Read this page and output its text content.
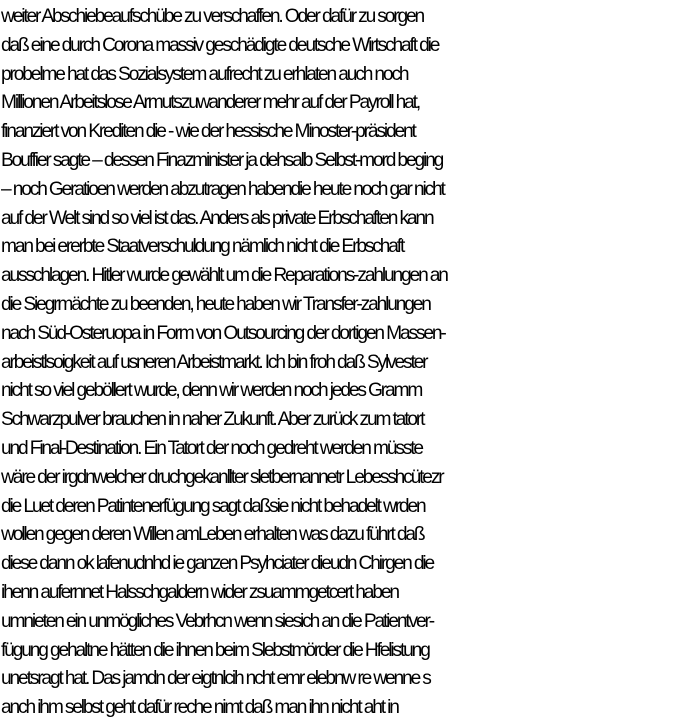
weiter Abschiebeaufschübe zu verschaffen. Oder dafür zu sorgen
daß eine durch Corona massiv geschädigte deutsche Wirtschaft die
probelme hat das Sozialsystem aufrecht zu erhlaten auch noch
Millionen Arbeitslose Armutszuwanderer mehr auf der Payroll hat,
finanziert von Krediten die - wie der hessische Minoster-präsident
Bouffier sagte – dessen Finazminister ja dehsalb Selbst-mord beging
– noch Geratioen werden abzutragen habendie heute noch gar nicht
auf der Welt sind so viel ist das. Anders als private Erbschaften kann
man bei ererbte Staatverschuldung nämlich nicht die Erbschaft
ausschlagen. Hitler wurde gewählt um die Reparations-zahlungen an
die Siegrmächte zu beenden, heute haben wir Transfer-zahlungen
nach Süd-Osteruopa in Form von Outsourcing der dortigen Massen-
arbeistlsoigkeit auf usneren Arbeistmarkt. Ich bin froh daß Sylvester
nicht so viel geböllert wurde, denn wir werden noch jedes Gramm
Schwarzpulver brauchen in naher Zukunft. Aber zurück zum tatort
und Final-Destination. Ein Tatort der noch gedreht werden müsste
wäre der irgdnwelcher druchgekanllter sletbernannetr Lebesshcütezr
die Luet deren Patintenerfügung sagt daßsie nicht behadelt wrden
wollen gegen deren Willen amLeben erhalten was dazu führt daß
diese dann ok lafenudnhd ie ganzen Psyhciater dieudn Chirgen die
ihenn aufernnet Halsschgaldern wider zsuammgetcert haben
umnieten ein unmögliches Vebrhcn wenn siesich an die Patientver-
fügung gehaltne hätten die ihnen beim Slebstmörder die Hfelistung
unetsragt hat. Das jamdn der eigtnlcih ncht emr elebnw re wenne s
anch ihm selbst geht dafür reche nimt daß man ihn nicht aht in
